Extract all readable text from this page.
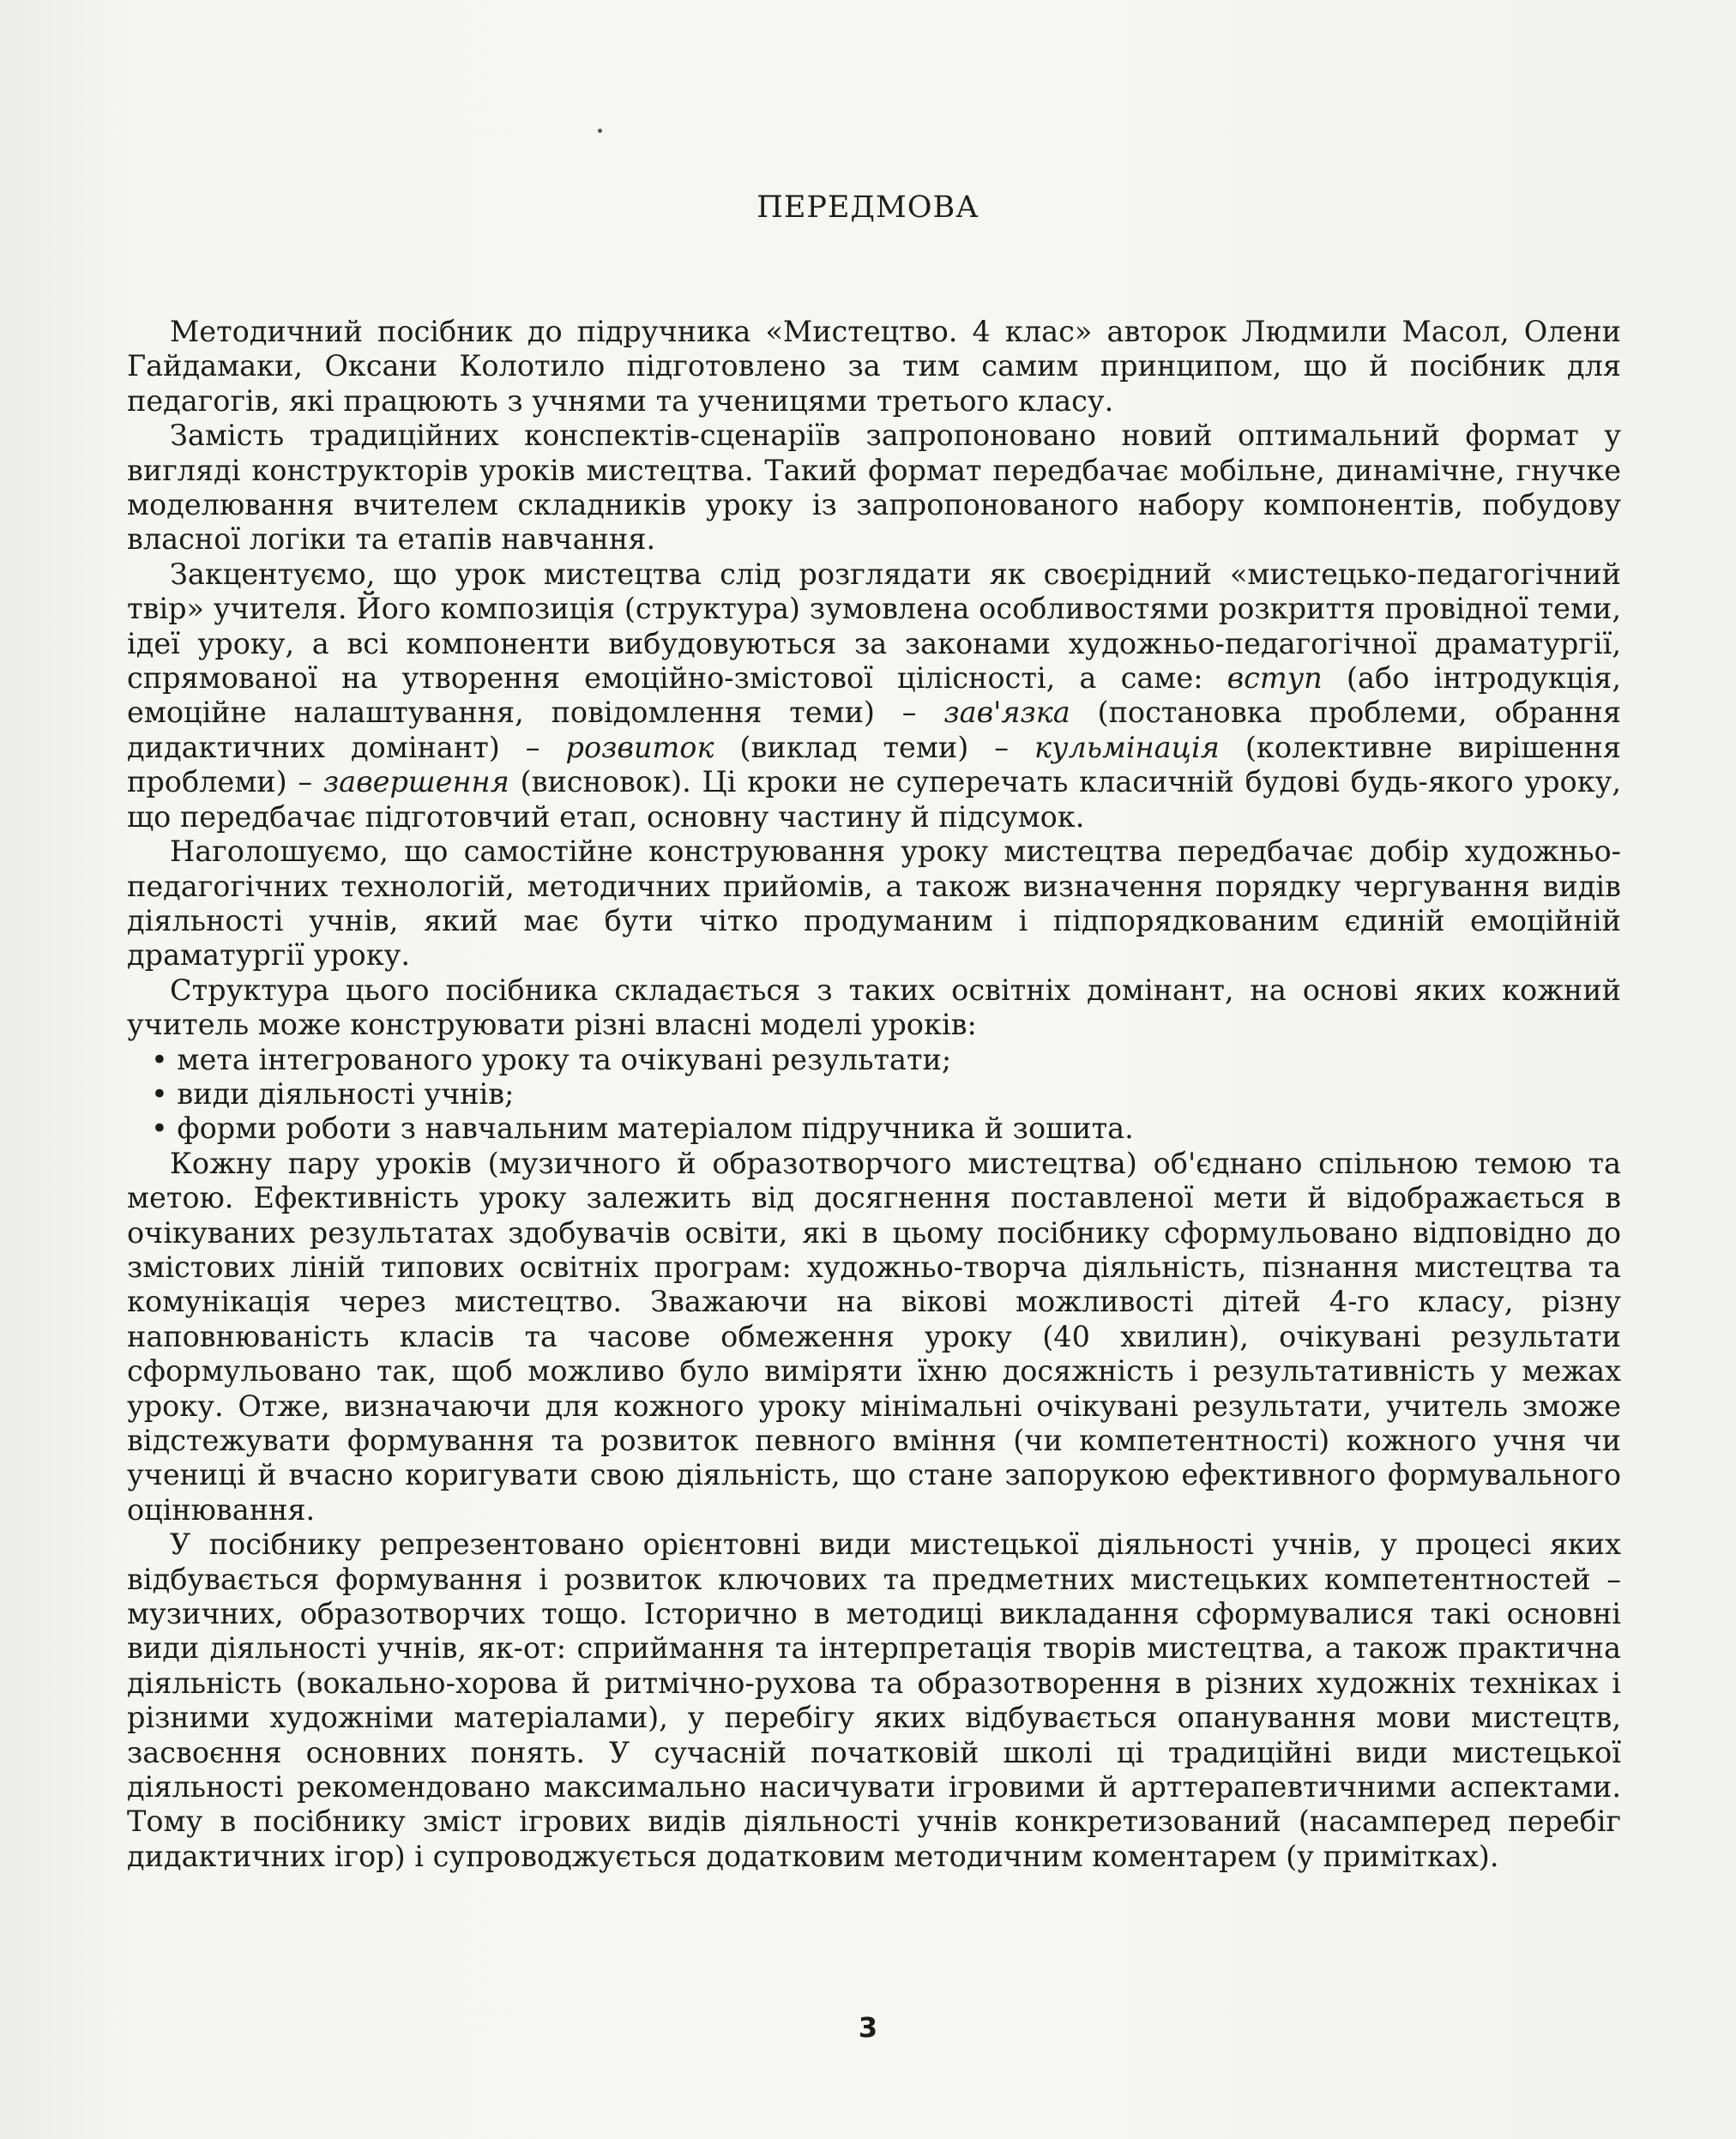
ПЕРЕДМОВА

Методичний посібник до підручника «Мистецтво. 4 клас» авторок Людмили Масол, Олени Гайдамаки, Оксани Колотило підготовлено за тим самим принципом, що й посібник для педагогів, які працюють з учнями та ученицями третього класу.

Замість традиційних конспектів-сценаріїв запропоновано новий оптимальний формат у вигляді конструкторів уроків мистецтва. Такий формат передбачає мобільне, динамічне, гнучке моделювання вчителем складників уроку із запропонованого набору компонентів, побудову власної логіки та етапів навчання.

Закцентуємо, що урок мистецтва слід розглядати як своєрідний «мистецько-педагогічний твір» учителя. Його композиція (структура) зумовлена особливостями розкриття провідної теми, ідеї уроку, а всі компоненти вибудовуються за законами художньо-педагогічної драматургії, спрямованої на утворення емоційно-змістової цілісності, а саме: вступ (або інтродукція, емоційне налаштування, повідомлення теми) – зав'язка (постановка проблеми, обрання дидактичних домінант) – розвиток (виклад теми) – кульмінація (колективне вирішення проблеми) – завершення (висновок). Ці кроки не суперечать класичній будові будь-якого уроку, що передбачає підготовчий етап, основну частину й підсумок.

Наголошуємо, що самостійне конструювання уроку мистецтва передбачає добір художньо-педагогічних технологій, методичних прийомів, а також визначення порядку чергування видів діяльності учнів, який має бути чітко продуманим і підпорядкованим єдиній емоційній драматургії уроку.

Структура цього посібника складається з таких освітніх домінант, на основі яких кожний учитель може конструювати різні власні моделі уроків:

• мета інтегрованого уроку та очікувані результати;
• види діяльності учнів;
• форми роботи з навчальним матеріалом підручника й зошита.

Кожну пару уроків (музичного й образотворчого мистецтва) об'єднано спільною темою та метою. Ефективність уроку залежить від досягнення поставленої мети й відображається в очікуваних результатах здобувачів освіти, які в цьому посібнику сформульовано відповідно до змістових ліній типових освітніх програм: художньо-творча діяльність, пізнання мистецтва та комунікація через мистецтво. Зважаючи на вікові можливості дітей 4-го класу, різну наповнюваність класів та часове обмеження уроку (40 хвилин), очікувані результати сформульовано так, щоб можливо було виміряти їхню досяжність і результативність у межах уроку. Отже, визначаючи для кожного уроку мінімальні очікувані результати, учитель зможе відстежувати формування та розвиток певного вміння (чи компетентності) кожного учня чи учениці й вчасно коригувати свою діяльність, що стане запорукою ефективного формувального оцінювання.

У посібнику репрезентовано орієнтовні види мистецької діяльності учнів, у процесі яких відбувається формування і розвиток ключових та предметних мистецьких компетентностей – музичних, образотворчих тощо. Історично в методиці викладання сформувалися такі основні види діяльності учнів, як-от: сприймання та інтерпретація творів мистецтва, а також практична діяльність (вокально-хорова й ритмічно-рухова та образотворення в різних художніх техніках і різними художніми матеріалами), у перебігу яких відбувається опанування мови мистецтв, засвоєння основних понять. У сучасній початковій школі ці традиційні види мистецької діяльності рекомендовано максимально насичувати ігровими й арттерапевтичними аспектами. Тому в посібнику зміст ігрових видів діяльності учнів конкретизований (насамперед перебіг дидактичних ігор) і супроводжується додатковим методичним коментарем (у примітках).

3
